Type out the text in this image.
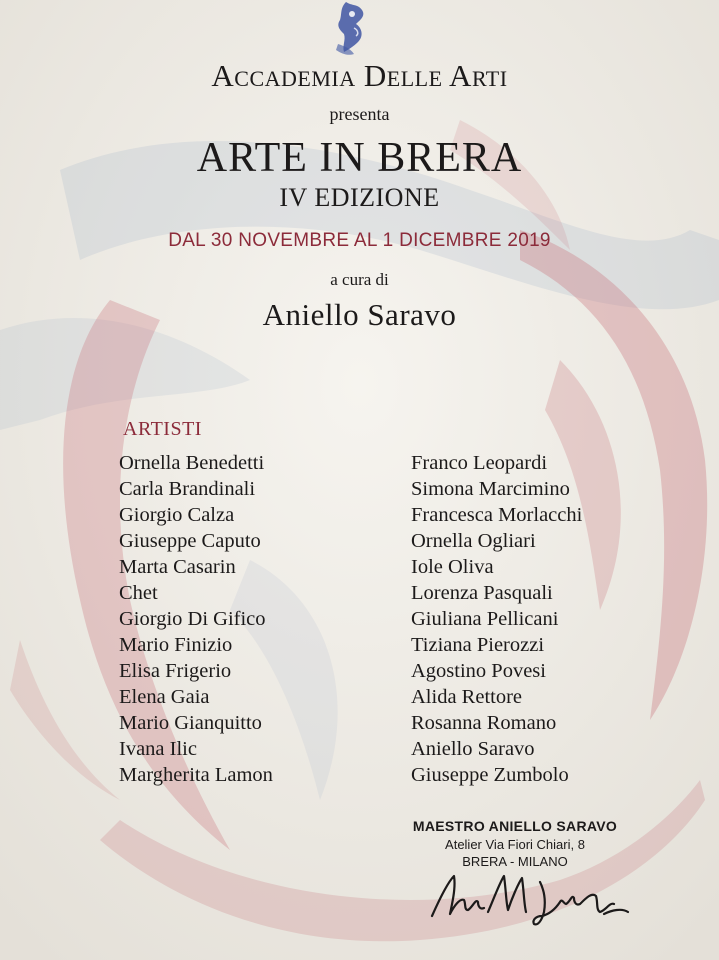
Accademia Delle Arti
presenta
ARTE IN BRERA
IV EDIZIONE
DAL 30 NOVEMBRE AL 1 DICEMBRE 2019
a cura di
Aniello Saravo
ARTISTI
Ornella Benedetti
Carla Brandinali
Giorgio Calza
Giuseppe Caputo
Marta Casarin
Chet
Giorgio Di Gifico
Mario Finizio
Elisa Frigerio
Elena Gaia
Mario Gianquitto
Ivana Ilic
Margherita Lamon
Franco Leopardi
Simona Marcimino
Francesca Morlacchi
Ornella Ogliari
Iole Oliva
Lorenza Pasquali
Giuliana Pellicani
Tiziana Pierozzi
Agostino Povesi
Alida Rettore
Rosanna Romano
Aniello Saravo
Giuseppe Zumbolo
MAESTRO ANIELLO SARAVO
Atelier Via Fiori Chiari, 8
BRERA - MILANO
